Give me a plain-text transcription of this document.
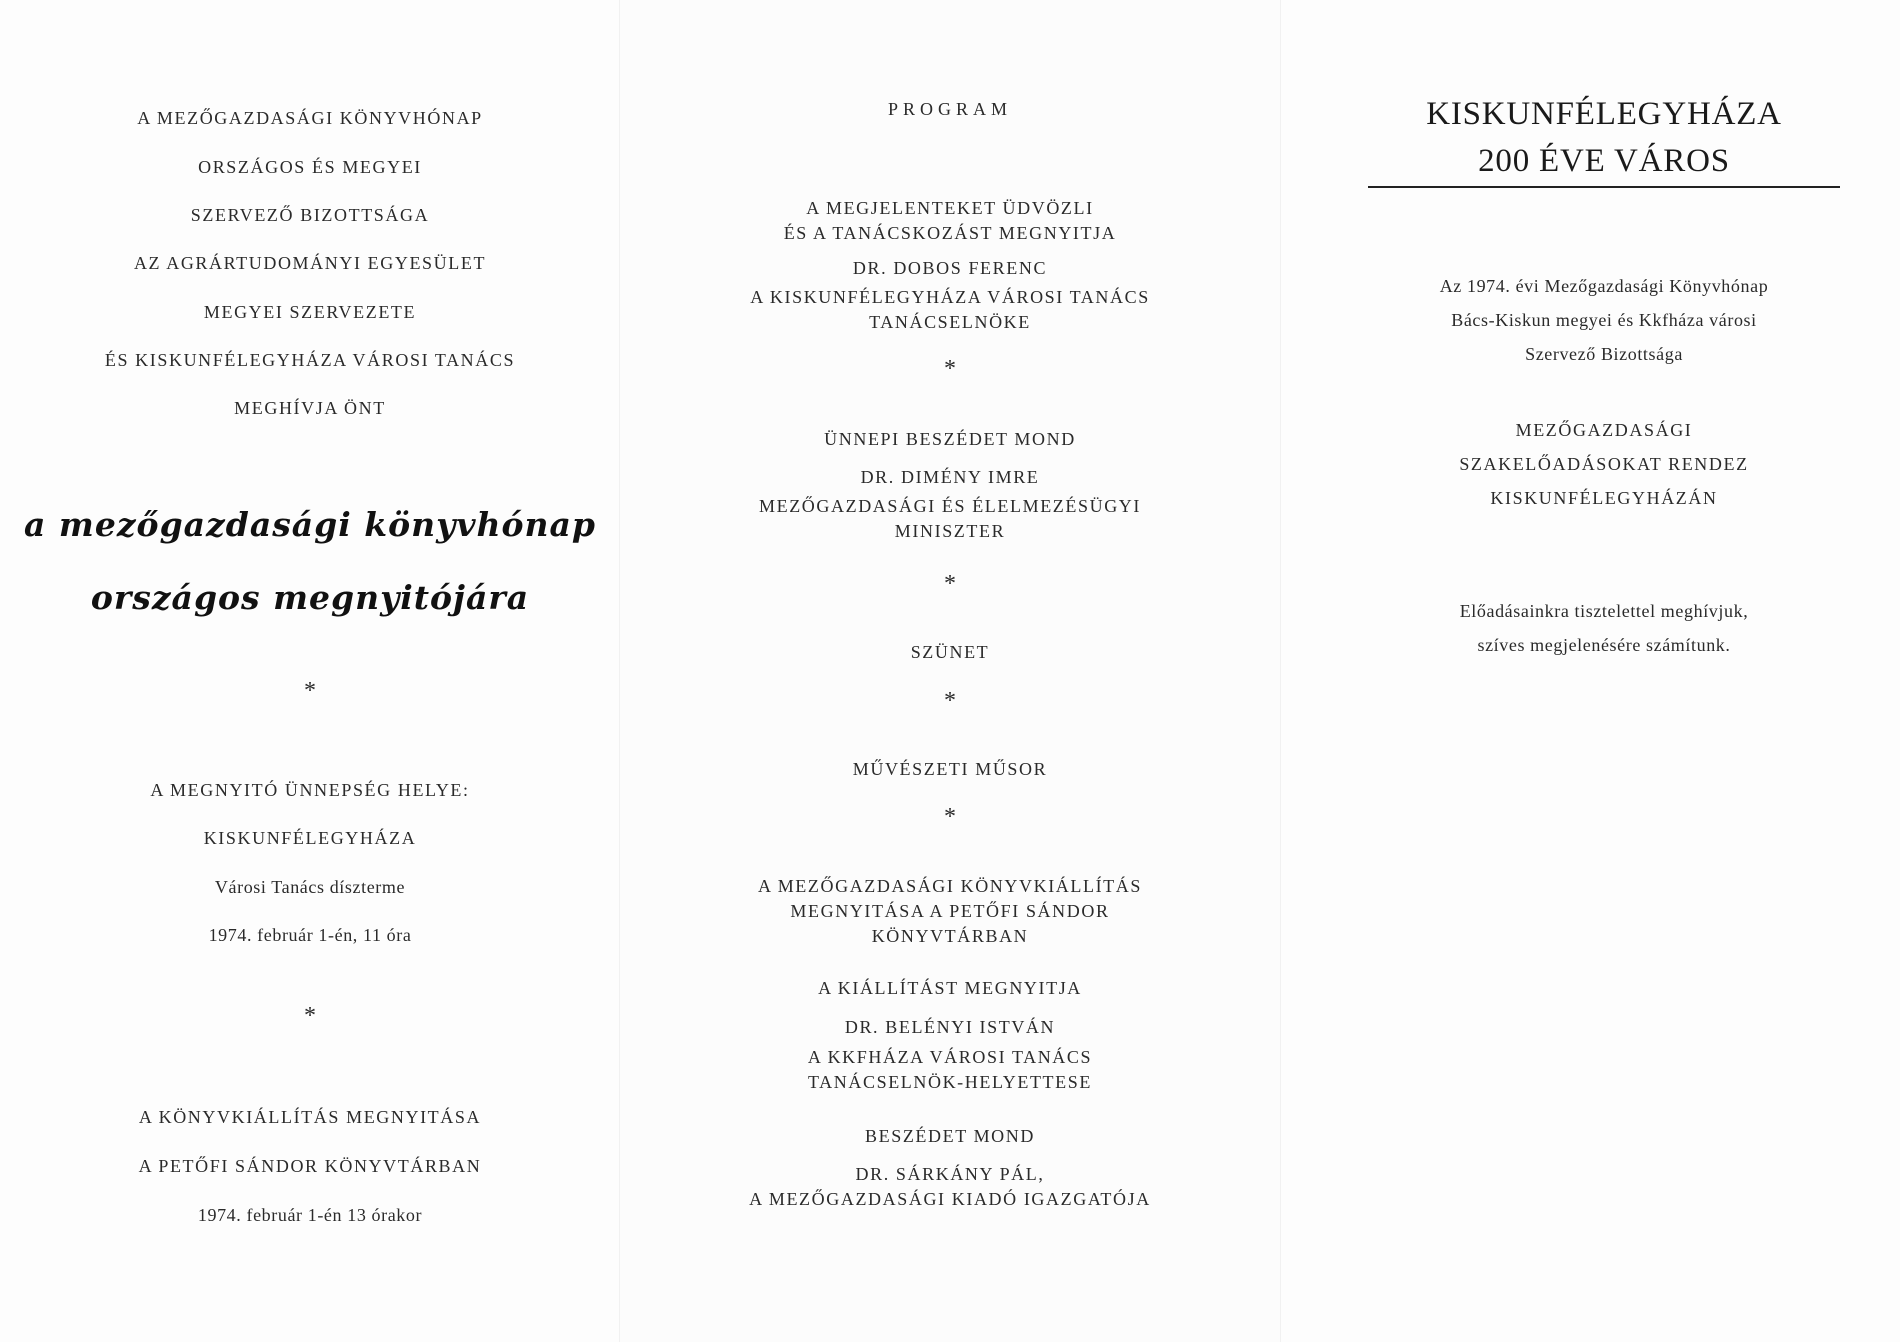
A MEZŐGAZDASÁGI KÖNYVHÓNAP
ORSZÁGOS ÉS MEGYEI
SZERVEZŐ BIZOTTSÁGA
AZ AGRÁRTUDOMÁNYI EGYESÜLET
MEGYEI SZERVEZETE
ÉS KISKUNFÉLEGYHÁZA VÁROSI TANÁCS
MEGHÍVJA ÖNT
a mezőgazdasági könyvhónap
országos megnyitójára
*
A MEGNYITÓ ÜNNEPSÉG HELYE:
KISKUNFÉLEGYHÁZA
Városi Tanács díszterme
1974. február 1-én, 11 óra
*
A KÖNYVKIÁLLÍTÁS MEGNYITÁSA
A PETŐFI SÁNDOR KÖNYVTÁRBAN
1974. február 1-én 13 órakor
PROGRAM
A MEGJELENTEKET ÜDVÖZLI
ÉS A TANÁCSKOZÁST MEGNYITJA
DR. DOBOS FERENC
A KISKUNFÉLEGYHÁZA VÁROSI TANÁCS
TANÁCSELNÖKE
*
ÜNNEPI BESZÉDET MOND
DR. DIMÉNY IMRE
MEZŐGAZDASÁGI ÉS ÉLELMEZÉSÜGYI
MINISZTER
*
SZÜNET
*
MŰVÉSZETI MŰSOR
*
A MEZŐGAZDASÁGI KÖNYVKIÁLLÍTÁS
MEGNYITÁSA A PETŐFI SÁNDOR
KÖNYVTÁRBAN
A KIÁLLÍTÁST MEGNYITJA
DR. BELÉNYI ISTVÁN
A KKFHÁZA VÁROSI TANÁCS
TANÁCSELNÖK-HELYETTESE
BESZÉDET MOND
DR. SÁRKÁNY PÁL,
A MEZŐGAZDASÁGI KIADÓ IGAZGATÓJA
KISKUNFÉLEGYHÁZA
200 ÉVE VÁROS
Az 1974. évi Mezőgazdasági Könyvhónap
Bács-Kiskun megyei és Kkfháza városi
Szervező Bizottsága
MEZŐGAZDASÁGI
SZAKELŐADÁSOKAT RENDEZ
KISKUNFÉLEGYHÁZÁN
Előadásainkra tisztelettel meghívjuk,
szíves megjelenésére számítunk.
